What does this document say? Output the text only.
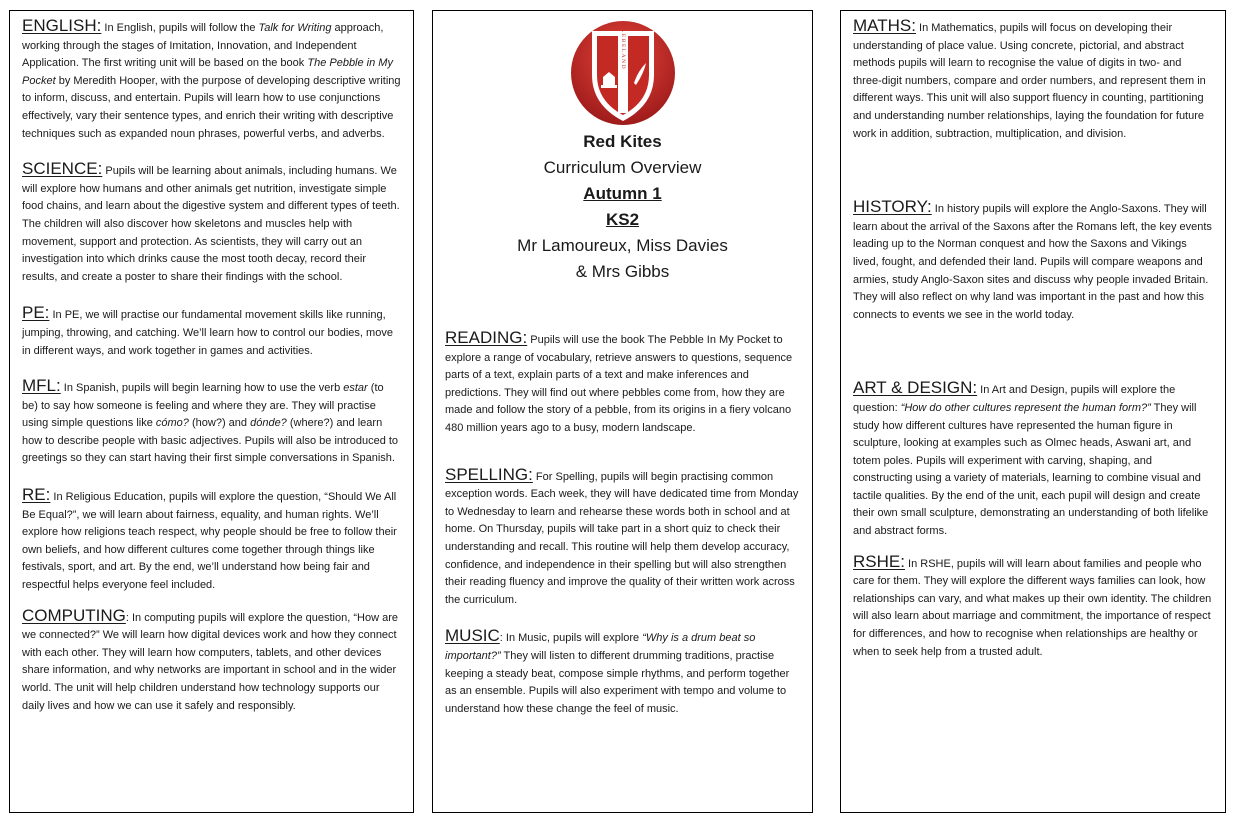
ENGLISH: In English, pupils will follow the Talk for Writing approach, working through the stages of Imitation, Innovation, and Independent Application. The first writing unit will be based on the book The Pebble in My Pocket by Meredith Hooper, with the purpose of developing descriptive writing to inform, discuss, and entertain. Pupils will learn how to use conjunctions effectively, vary their sentence types, and enrich their writing with descriptive techniques such as expanded noun phrases, powerful verbs, and adverbs.

SCIENCE: Pupils will be learning about animals, including humans. We will explore how humans and other animals get nutrition, investigate simple food chains, and learn about the digestive system and different types of teeth. The children will also discover how skeletons and muscles help with movement, support and protection. As scientists, they will carry out an investigation into which drinks cause the most tooth decay, record their results, and create a poster to share their findings with the school.

PE: In PE, we will practise our fundamental movement skills like running, jumping, throwing, and catching. We’ll learn how to control our bodies, move in different ways, and work together in games and activities.

MFL: In Spanish, pupils will begin learning how to use the verb estar (to be) to say how someone is feeling and where they are. They will practise using simple questions like cómo? (how?) and dónde? (where?) and learn how to describe people with basic adjectives. Pupils will also be introduced to greetings so they can start having their first simple conversations in Spanish.

RE: In Religious Education, pupils will explore the question, “Should We All Be Equal?”, we will learn about fairness, equality, and human rights. We’ll explore how religions teach respect, why people should be free to follow their own beliefs, and how different cultures come together through things like festivals, sport, and art. By the end, we’ll understand how being fair and respectful helps everyone feel included.

COMPUTING: In computing pupils will explore the question, “How are we connected?” We will learn how digital devices work and how they connect with each other. They will learn how computers, tablets, and other devices share information, and why networks are important in school and in the wider world. The unit will help children understand how technology supports our daily lives and how we can use it safely and responsibly.

CLEBELAND
Red Kites
Curriculum Overview
Autumn 1
KS2
Mr Lamoureux, Miss Davies
& Mrs Gibbs

READING: Pupils will use the book The Pebble In My Pocket to explore a range of vocabulary, retrieve answers to questions, sequence parts of a text, explain parts of a text and make inferences and predictions. They will find out where pebbles come from, how they are made and follow the story of a pebble, from its origins in a fiery volcano 480 million years ago to a busy, modern landscape.

SPELLING: For Spelling, pupils will begin practising common exception words. Each week, they will have dedicated time from Monday to Wednesday to learn and rehearse these words both in school and at home. On Thursday, pupils will take part in a short quiz to check their understanding and recall. This routine will help them develop accuracy, confidence, and independence in their spelling but will also strengthen their reading fluency and improve the quality of their written work across the curriculum.

MUSIC: In Music, pupils will explore “Why is a drum beat so important?” They will listen to different drumming traditions, practise keeping a steady beat, compose simple rhythms, and perform together as an ensemble. Pupils will also experiment with tempo and volume to understand how these change the feel of music.

MATHS: In Mathematics, pupils will focus on developing their understanding of place value. Using concrete, pictorial, and abstract methods pupils will learn to recognise the value of digits in two- and three-digit numbers, compare and order numbers, and represent them in different ways. This unit will also support fluency in counting, partitioning and understanding number relationships, laying the foundation for future work in addition, subtraction, multiplication, and division.

HISTORY: In history pupils will explore the Anglo-Saxons. They will learn about the arrival of the Saxons after the Romans left, the key events leading up to the Norman conquest and how the Saxons and Vikings lived, fought, and defended their land. Pupils will compare weapons and armies, study Anglo-Saxon sites and discuss why people invaded Britain. They will also reflect on why land was important in the past and how this connects to events we see in the world today.

ART & DESIGN: In Art and Design, pupils will explore the question: “How do other cultures represent the human form?” They will study how different cultures have represented the human figure in sculpture, looking at examples such as Olmec heads, Aswani art, and totem poles. Pupils will experiment with carving, shaping, and constructing using a variety of materials, learning to combine visual and tactile qualities. By the end of the unit, each pupil will design and create their own small sculpture, demonstrating an understanding of both lifelike and abstract forms.

RSHE: In RSHE, pupils will will learn about families and people who care for them. They will explore the different ways families can look, how relationships can vary, and what makes up their own identity. The children will also learn about marriage and commitment, the importance of respect for differences, and how to recognise when relationships are healthy or when to seek help from a trusted adult.
